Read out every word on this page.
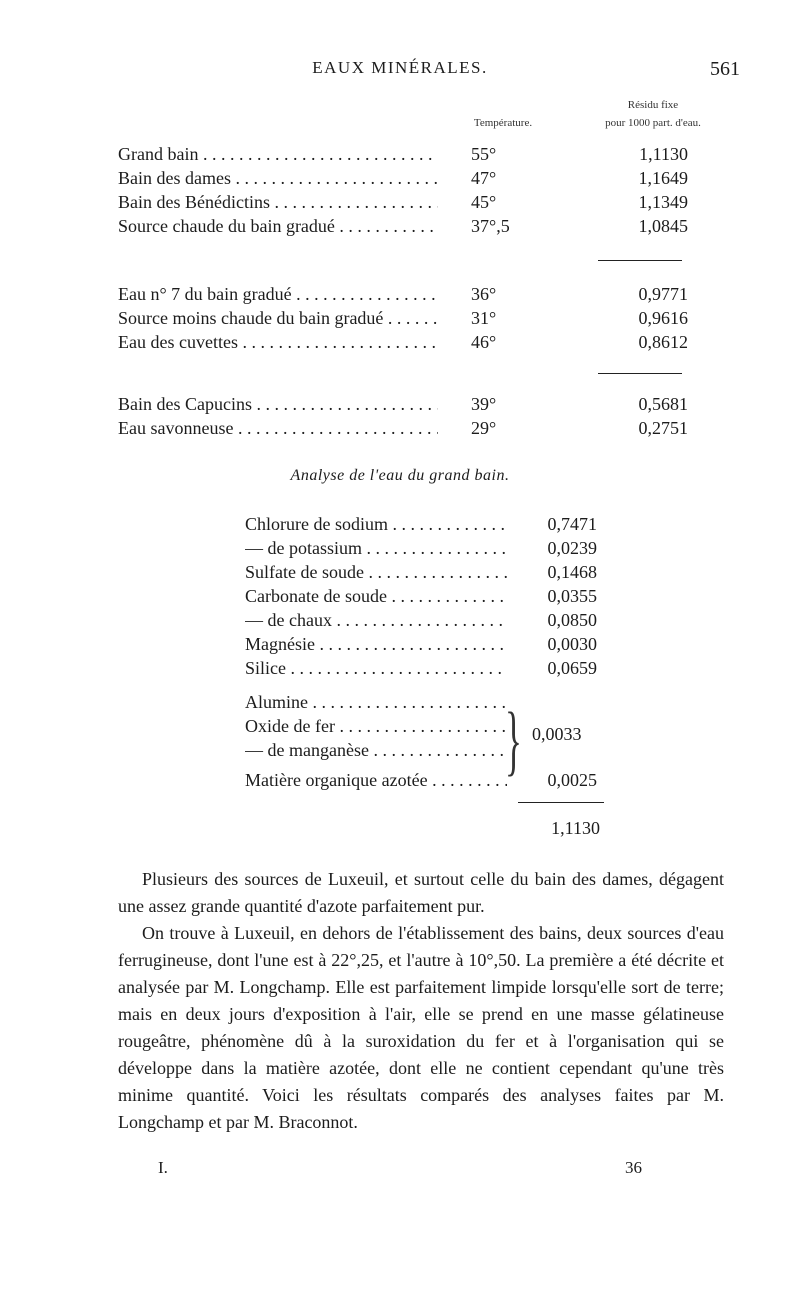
EAUX MINÉRALES.	561
Température.
Résidu fixe
pour 1000 part. d'eau.
Grand bain . . .	55°	1,1130
Bain des dames . . .	47°	1,1649
Bain des Bénédictins . . .	45°	1,1349
Source chaude du bain gradué . . .	37°,5	1,0845
Eau n° 7 du bain gradué . . .	36°	0,9771
Source moins chaude du bain gradué . . .	31°	0,9616
Eau des cuvettes . . .	46°	0,8612
Bain des Capucins . . .	39°	0,5681
Eau savonneuse . . .	29°	0,2751
Analyse de l'eau du grand bain.
Chlorure de sodium . . .	0,7471
— de potassium . . .	0,0239
Sulfate de soude . . .	0,1468
Carbonate de soude . . .	0,0355
— de chaux . . .	0,0850
Magnésie . . .	0,0030
Silice . . .	0,0659
Alumine . . .
Oxide de fer . . .
— de manganèse . . .	} 0,0033
Matière organique azotée . . .	0,0025
1,1130

Plusieurs des sources de Luxeuil, et surtout celle du bain des dames, dégagent une assez grande quantité d'azote parfaitement pur.

On trouve à Luxeuil, en dehors de l'établissement des bains, deux sources d'eau ferrugineuse, dont l'une est à 22°,25, et l'autre à 10°,50. La première a été décrite et analysée par M. Longchamp. Elle est parfaitement limpide lorsqu'elle sort de terre; mais en deux jours d'exposition à l'air, elle se prend en une masse gélatineuse rougeâtre, phénomène dû à la suroxidation du fer et à l'organisation qui se développe dans la matière azotée, dont elle ne contient cependant qu'une très minime quantité. Voici les résultats comparés des analyses faites par M. Longchamp et par M. Braconnot.

I.	36
